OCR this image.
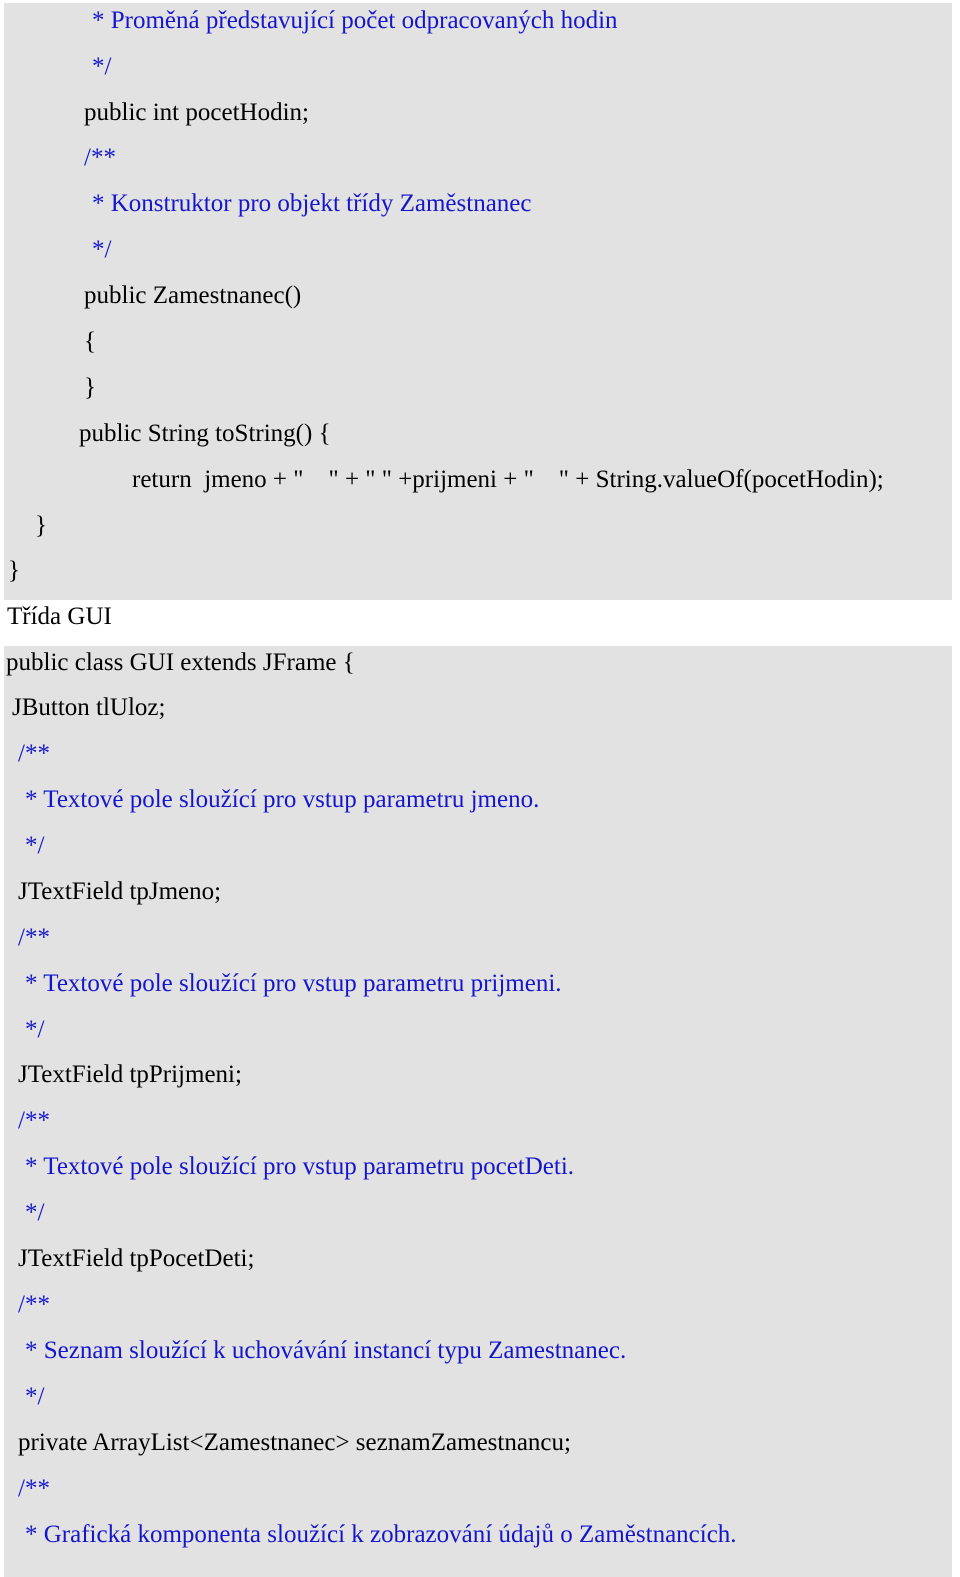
* Proměná představující počet odpracovaných hodin
*/
public int pocetHodin;
/**
* Konstruktor pro objekt třídy Zaměstnanec
*/
public Zamestnanec()
{
}
public String toString() {
return  jmeno + "    " + " " +prijmeni + "    " + String.valueOf(pocetHodin);
}
}
Třída GUI
public class GUI extends JFrame {
JButton tlUloz;
/**
* Textové pole sloužící pro vstup parametru jmeno.
*/
JTextField tpJmeno;
/**
* Textové pole sloužící pro vstup parametru prijmeni.
*/
JTextField tpPrijmeni;
/**
* Textové pole sloužící pro vstup parametru pocetDeti.
*/
JTextField tpPocetDeti;
/**
* Seznam sloužící k uchovávání instancí typu Zamestnanec.
*/
private ArrayList<Zamestnanec> seznamZamestnancu;
/**
* Grafická komponenta sloužící k zobrazování údajů o Zaměstnancích.
